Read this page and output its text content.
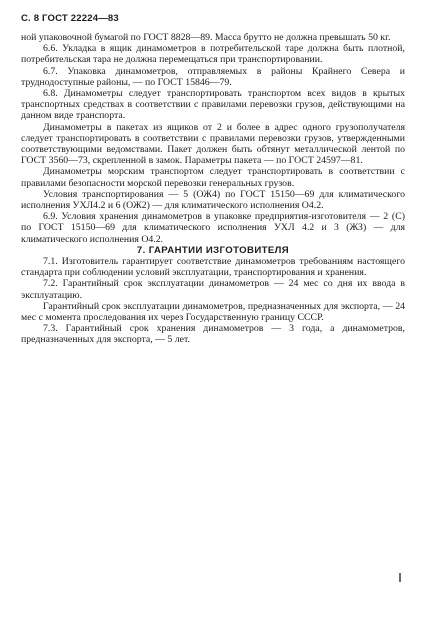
С. 8 ГОСТ 22224—83

ной упаковочной бумагой по ГОСТ 8828—89. Масса брутто не должна превышать 50 кг.

6.6. Укладка в ящик динамометров в потребительской таре должна быть плотной, потребительская тара не должна перемещаться при транспортировании.

6.7. Упаковка динамометров, отправляемых в районы Крайнего Севера и труднодоступные районы, — по ГОСТ 15846—79.

6.8. Динамометры следует транспортировать транспортом всех видов в крытых транспортных средствах в соответствии с правилами перевозки грузов, действующими на данном виде транспорта.

Динамометры в пакетах из ящиков от 2 и более в адрес одного грузополучателя следует транспортировать в соответствии с правилами перевозки грузов, утвержденными соответствующими ведомствами. Пакет должен быть обтянут металлической лентой по ГОСТ 3560—73, скрепленной в замок. Параметры пакета — по ГОСТ 24597—81.

Динамометры морским транспортом следует транспортировать в соответствии с правилами безопасности морской перевозки генеральных грузов.

Условия транспортирования — 5 (ОЖ4) по ГОСТ 15150—69 для климатического исполнения УХЛ4.2 и 6 (ОЖ2) — для климатического исполнения О4.2.

6.9. Условия хранения динамометров в упаковке предприятия-изготовителя — 2 (С) по ГОСТ 15150—69 для климатического исполнения УХЛ 4.2 и 3 (ЖЗ) — для климатического исполнения О4.2.

7. ГАРАНТИИ ИЗГОТОВИТЕЛЯ

7.1. Изготовитель гарантирует соответствие динамометров требованиям настоящего стандарта при соблюдении условий эксплуатации, транспортирования и хранения.

7.2. Гарантийный срок эксплуатации динамометров — 24 мес со дня их ввода в эксплуатацию.

Гарантийный срок эксплуатации динамометров, предназначенных для экспорта, — 24 мес с момента проследования их через Государственную границу СССР.

7.3. Гарантийный срок хранения динамометров — 3 года, а динамометров, предназначенных для экспорта, — 5 лет.
